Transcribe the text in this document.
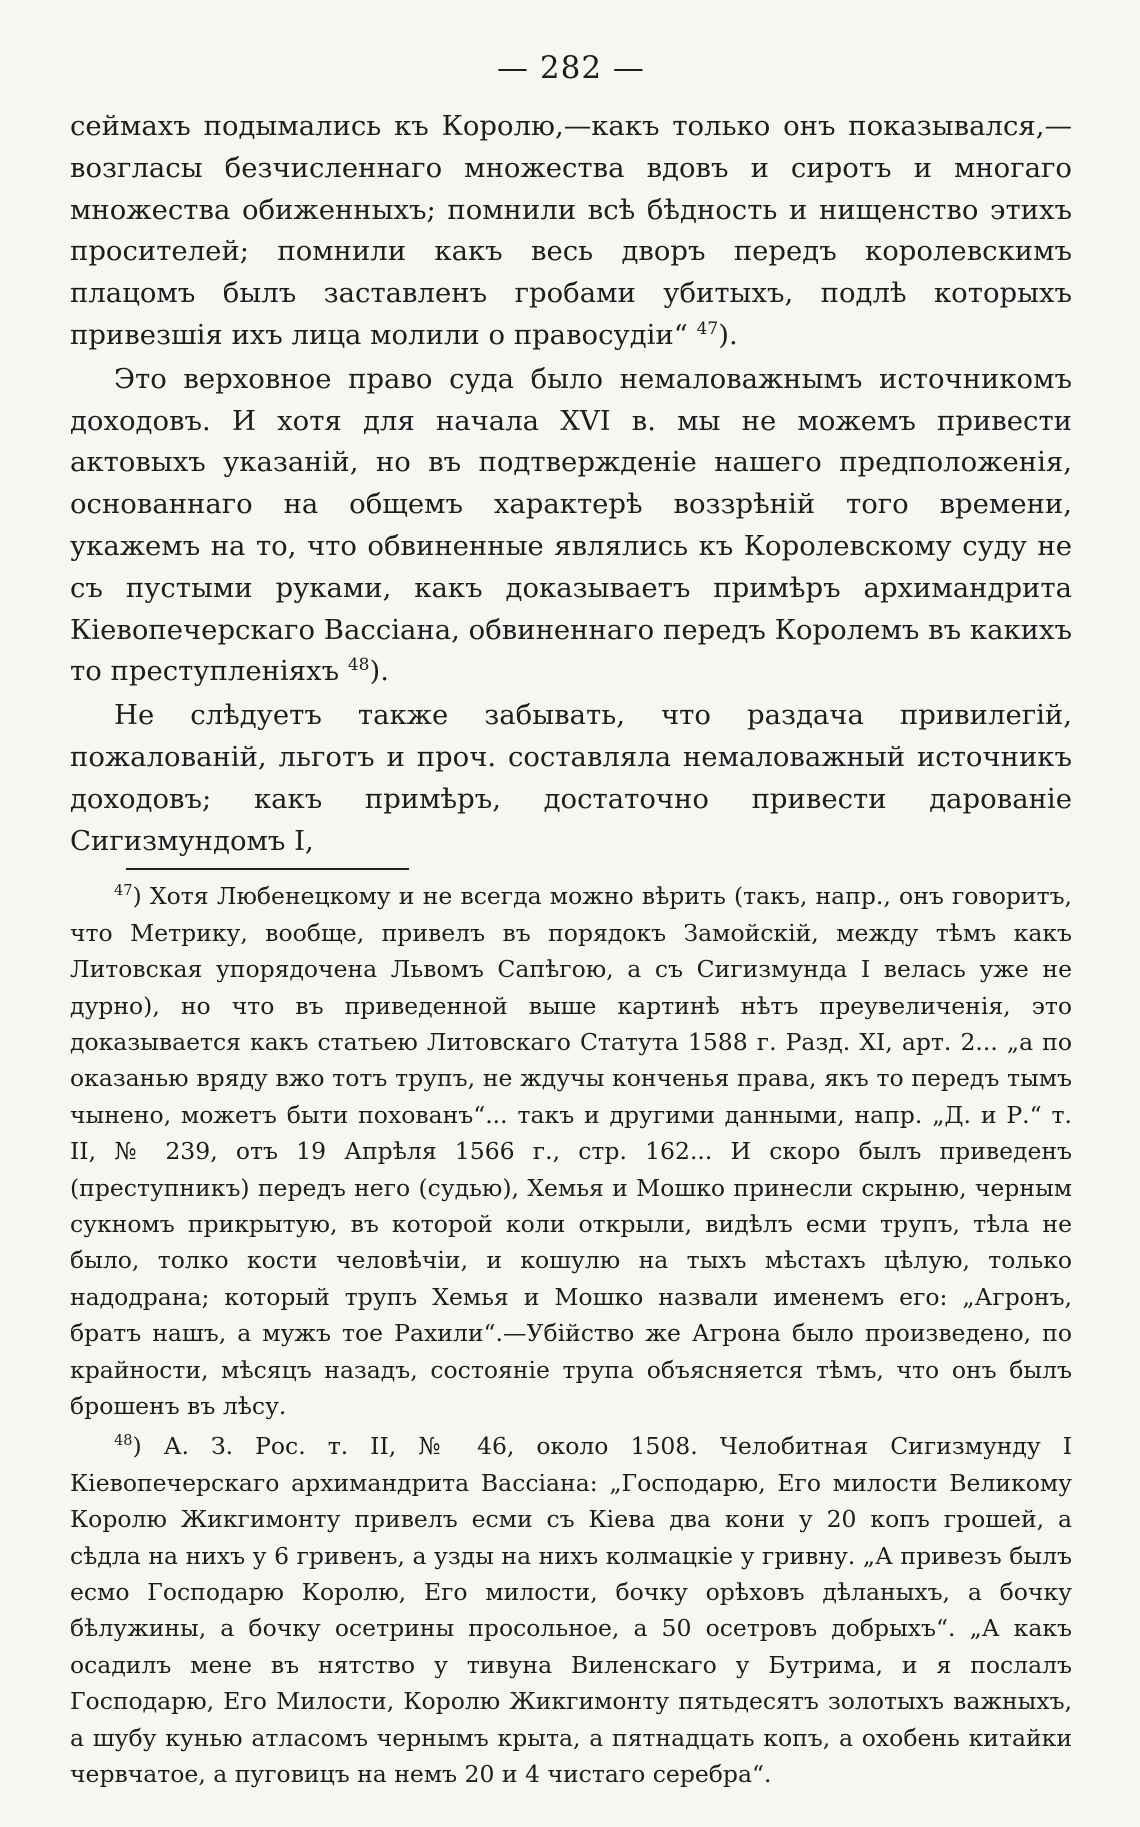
— 282 —

сеймахъ подымались къ Королю,—какъ только онъ показывался,—возгласы безчисленнаго множества вдовъ и сиротъ и многаго множества обиженныхъ; помнили всѣ бѣдность и нищенство этихъ просителей; помнили какъ весь дворъ передъ королевскимъ плацомъ былъ заставленъ гробами убитыхъ, подлѣ которыхъ привезшія ихъ лица молили о правосудіи“ $^{47}$).

Это верховное право суда было немаловажнымъ источникомъ доходовъ. И хотя для начала XVI в. мы не можемъ привести актовыхъ указаній, но въ подтвержденіе нашего предположенія, основаннаго на общемъ характерѣ воззрѣній того времени, укажемъ на то, что обвиненные являлись къ Королевскому суду не съ пустыми руками, какъ доказываетъ примѣръ архимандрита Кіевопечерскаго Вассіана, обвиненнаго передъ Королемъ въ какихъ то преступленіяхъ $^{48}$).

Не слѣдуетъ также забывать, что раздача привилегій, пожалованій, льготъ и проч. составляла немаловажный источникъ доходовъ; какъ примѣръ, достаточно привести дарованіе Сигизмундомъ I,

$^{47}$) Хотя Любенецкому и не всегда можно вѣрить (такъ, напр., онъ говоритъ, что Метрику, вообще, привелъ въ порядокъ Замойскій, между тѣмъ какъ Литовская упорядочена Львомъ Сапѣгою, а съ Сигизмунда I велась уже не дурно), но что въ приведенной выше картинѣ нѣтъ преувеличенія, это доказывается какъ статьею Литовскаго Статута 1588 г. Разд. XI, арт. 2... „а по оказанью вряду вжо тотъ трупъ, не ждучы конченья права, якъ то передъ тымъ чынено, можетъ быти похованъ“... такъ и другими данными, напр. „Д. и Р.“ т. II, № 239, отъ 19 Апрѣля 1566 г., стр. 162... И скоро былъ приведенъ (преступникъ) передъ него (судью), Хемья и Мошко принесли скрыню, черным сукномъ прикрытую, въ которой коли открыли, видѣлъ есми трупъ, тѣла не было, толко кости человѣчіи, и кошулю на тыхъ мѣстахъ цѣлую, только надодрана; который трупъ Хемья и Мошко назвали именемъ его: „Агронъ, братъ нашъ, а мужъ тое Рахили“.—Убійство же Агрона было произведено, по крайности, мѣсяцъ назадъ, состояніе трупа объясняется тѣмъ, что онъ былъ брошенъ въ лѣсу.

$^{48}$) А. З. Рос. т. II, № 46, около 1508. Челобитная Сигизмунду I Кіевопечерскаго архимандрита Вассіана: „Господарю, Его милости Великому Королю Жикгимонту привелъ есми съ Кіева два кони у 20 копъ грошей, а сѣдла на нихъ у 6 гривенъ, а узды на нихъ колмацкіе у гривну. „А привезъ былъ есмо Господарю Королю, Его милости, бочку орѣховъ дѣланыхъ, а бочку бѣлужины, а бочку осетрины просольное, а 50 осетровъ добрыхъ“. „А какъ осадилъ мене въ нятство у тивуна Виленскаго у Бутрима, и я послалъ Господарю, Его Милости, Королю Жикгимонту пятьдесятъ золотыхъ важныхъ, а шубу кунью атласомъ чернымъ крыта, а пятнадцать копъ, а охобень китайки червчатое, а пуговицъ на немъ 20 и 4 чистаго серебра“.
